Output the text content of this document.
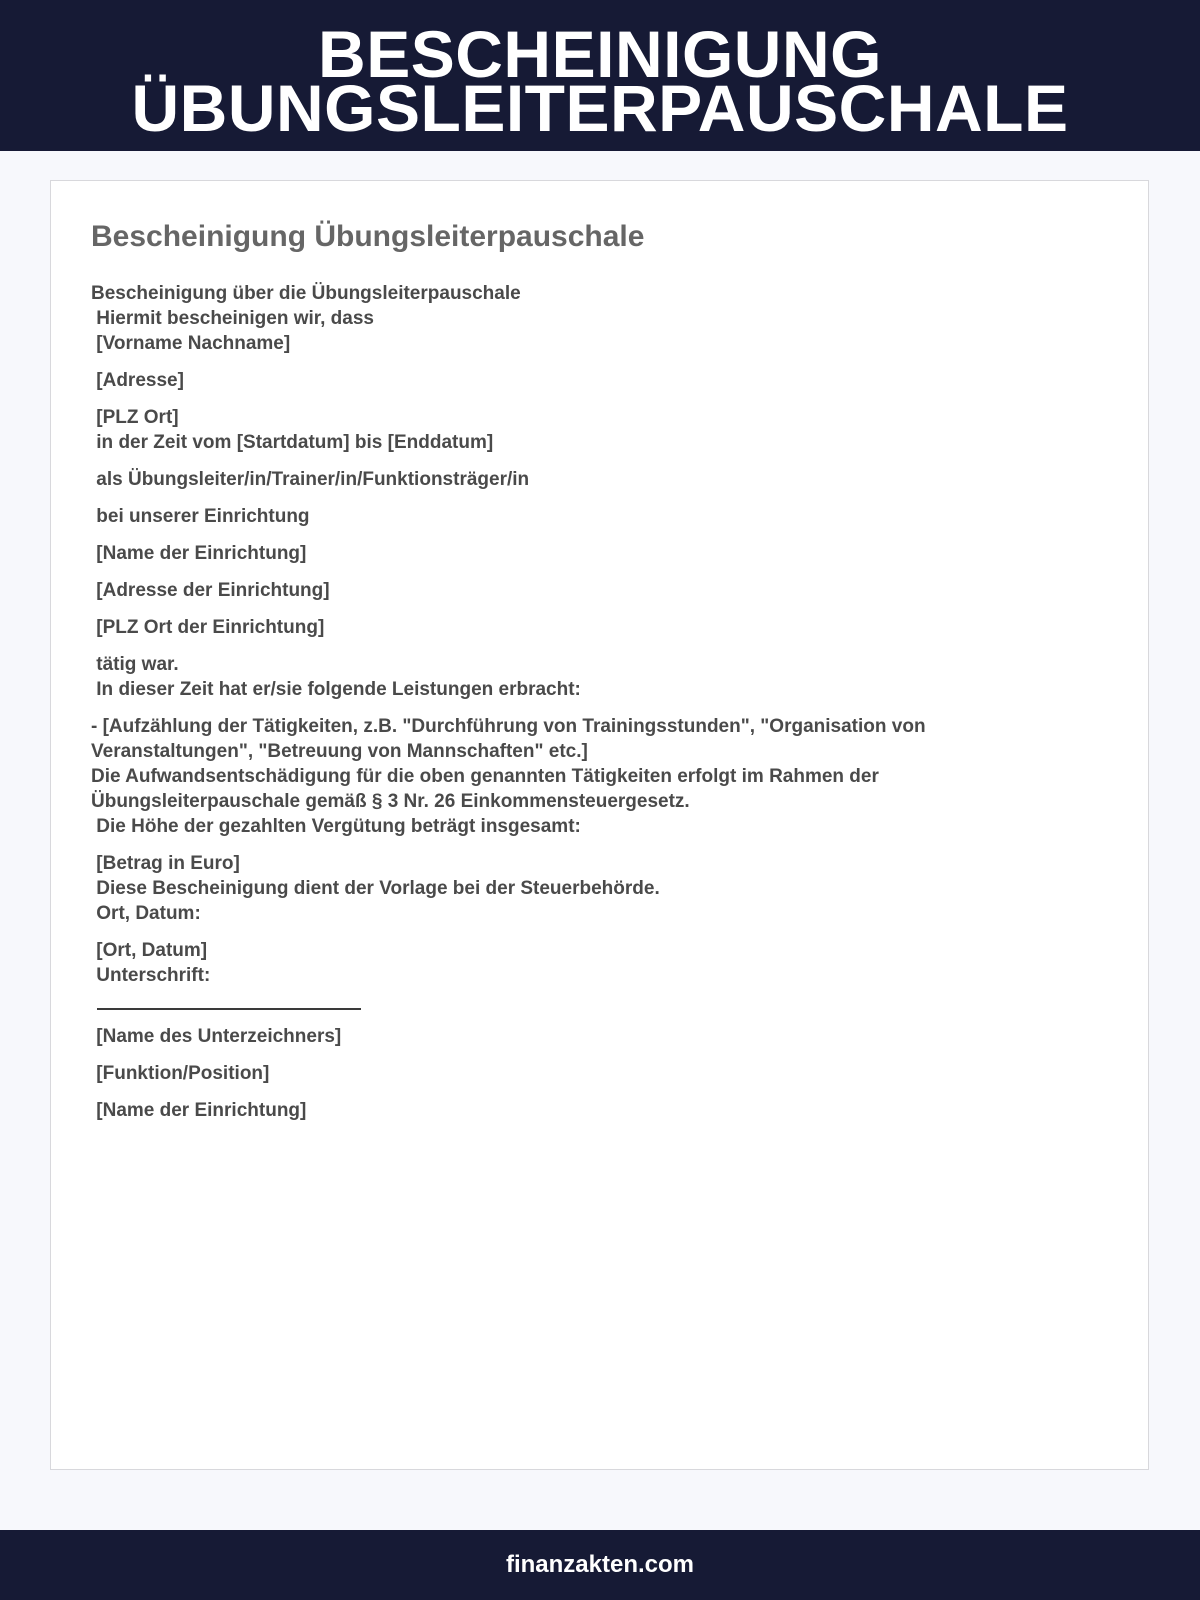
BESCHEINIGUNG
ÜBUNGSLEITERPAUSCHALE
Bescheinigung Übungsleiterpauschale
Bescheinigung über die Übungsleiterpauschale
Hiermit bescheinigen wir, dass
[Vorname Nachname]
[Adresse]
[PLZ Ort]
in der Zeit vom [Startdatum] bis [Enddatum]
als Übungsleiter/in/Trainer/in/Funktionsträger/in
bei unserer Einrichtung
[Name der Einrichtung]
[Adresse der Einrichtung]
[PLZ Ort der Einrichtung]
tätig war.
In dieser Zeit hat er/sie folgende Leistungen erbracht:
- [Aufzählung der Tätigkeiten, z.B. "Durchführung von Trainingsstunden", "Organisation von Veranstaltungen", "Betreuung von Mannschaften" etc.]
Die Aufwandsentschädigung für die oben genannten Tätigkeiten erfolgt im Rahmen der Übungsleiterpauschale gemäß § 3 Nr. 26 Einkommensteuergesetz.
Die Höhe der gezahlten Vergütung beträgt insgesamt:
[Betrag in Euro]
Diese Bescheinigung dient der Vorlage bei der Steuerbehörde.
Ort, Datum:
[Ort, Datum]
Unterschrift:
[Name des Unterzeichners]
[Funktion/Position]
[Name der Einrichtung]
finanzakten.com
